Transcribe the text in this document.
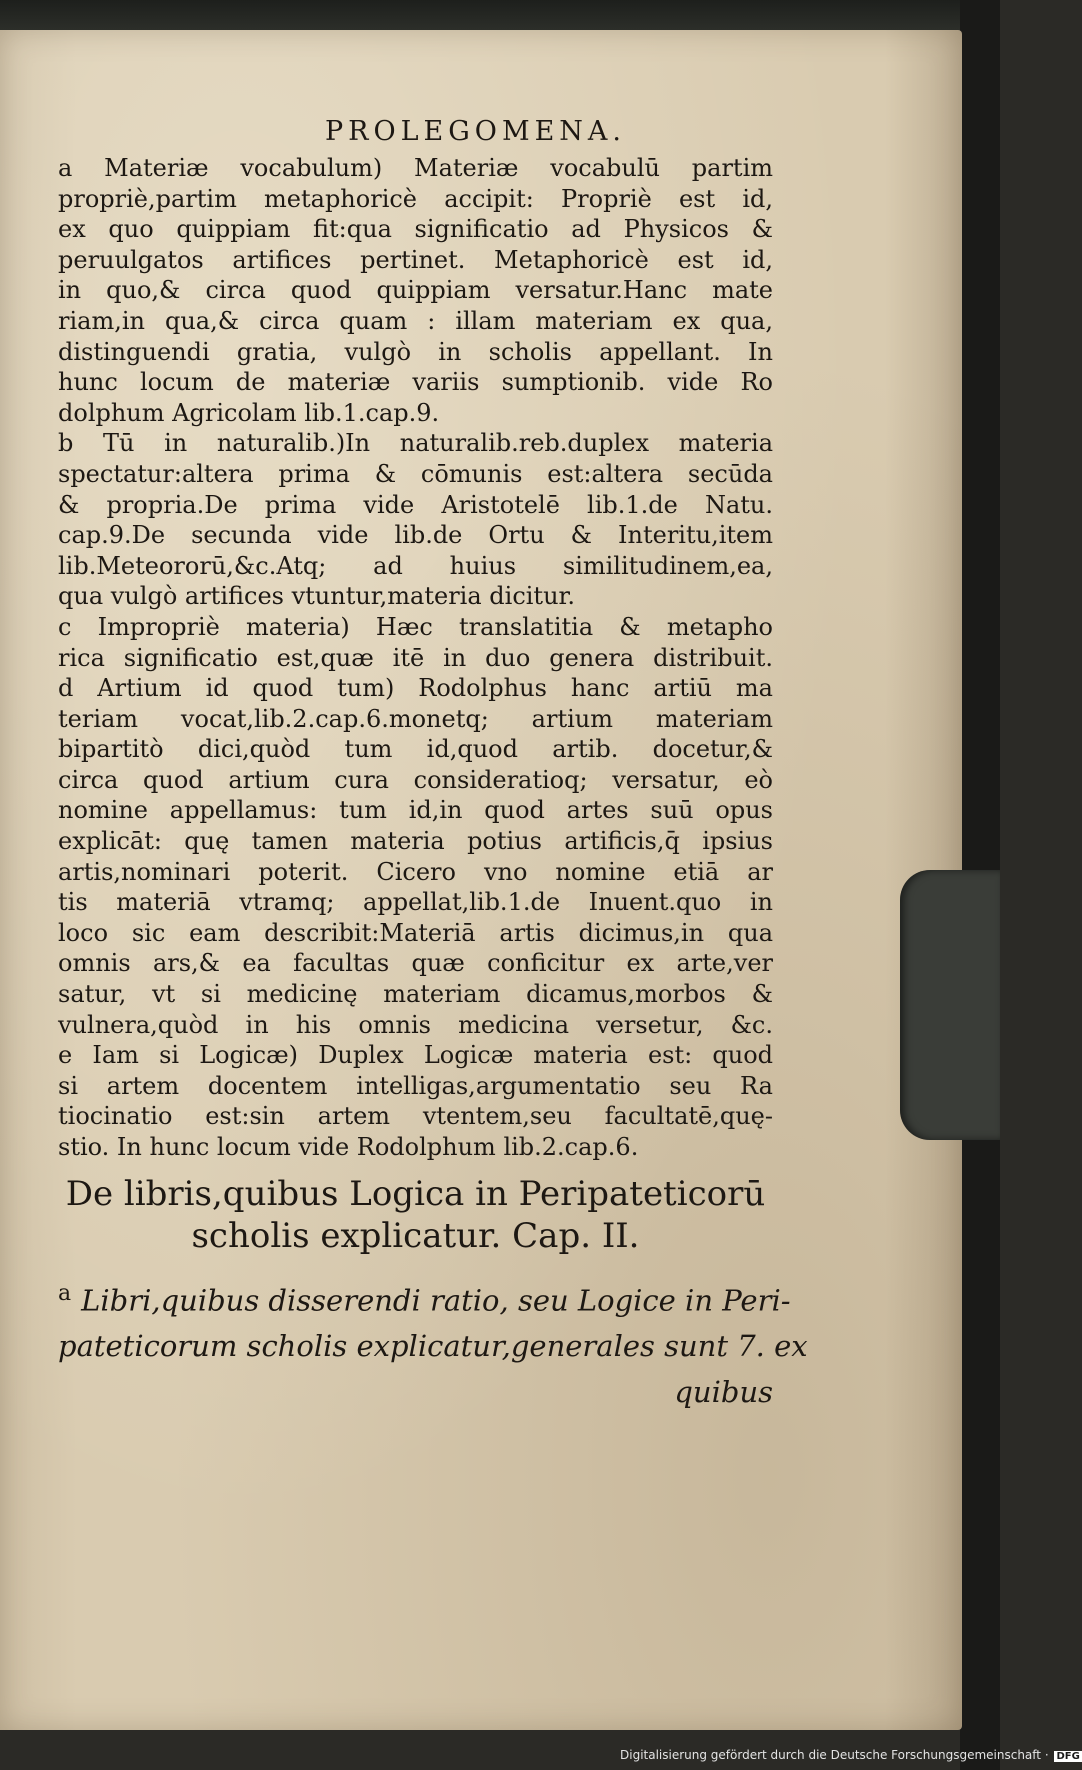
PROLEGOMENA.
a Materiæ vocabulum) Materiæ vocabulū partim
propriè,partim metaphoricè accipit: Propriè est id,
ex quo quippiam fit:qua significatio ad Physicos &
peruulgatos artifices pertinet. Metaphoricè est id,
in quo,& circa quod quippiam versatur.Hanc mate
riam,in qua,& circa quam : illam materiam ex qua,
distinguendi gratia, vulgò in scholis appellant. In
hunc locum de materiæ variis sumptionib. vide Ro
dolphum Agricolam lib.1.cap.9.
b Tū in naturalib.)In naturalib.reb.duplex materia
spectatur:altera prima & cōmunis est:altera secūda
& propria.De prima vide Aristotelē lib.1.de Natu.
cap.9.De secunda vide lib.de Ortu & Interitu,item
lib.Meteororū,&c.Atq; ad huius similitudinem,ea,
qua vulgò artifices vtuntur,materia dicitur.
c Impropriè materia) Hæc translatitia & metapho
rica significatio est,quæ itē in duo genera distribuit.
d Artium id quod tum) Rodolphus hanc artiū ma
teriam vocat,lib.2.cap.6.monetq; artium materiam
bipartitò dici,quòd tum id,quod artib. docetur,&
circa quod artium cura consideratioq; versatur, eò
nomine appellamus: tum id,in quod artes suū opus
explicāt: quę tamen materia potius artificis,q̄ ipsius
artis,nominari poterit. Cicero vno nomine etiā ar
tis materiā vtramq; appellat,lib.1.de Inuent.quo in
loco sic eam describit:Materiā artis dicimus,in qua
omnis ars,& ea facultas quæ conficitur ex arte,ver
satur, vt si medicinę materiam dicamus,morbos &
vulnera,quòd in his omnis medicina versetur, &c.
e Iam si Logicæ) Duplex Logicæ materia est: quod
si artem docentem intelligas,argumentatio seu Ra
tiocinatio est:sin artem vtentem,seu facultatē,quę-
stio. In hunc locum vide Rodolphum lib.2.cap.6.
De libris,quibus Logica in Peripateticorū
scholis explicatur. Cap. II.
$^a$ Libri,quibus disserendi ratio, seu Logice in Peri-
pateticorum scholis explicatur,generales sunt 7. ex
quibus
Digitalisierung gefördert durch die Deutsche Forschungsgemeinschaft · DFG
